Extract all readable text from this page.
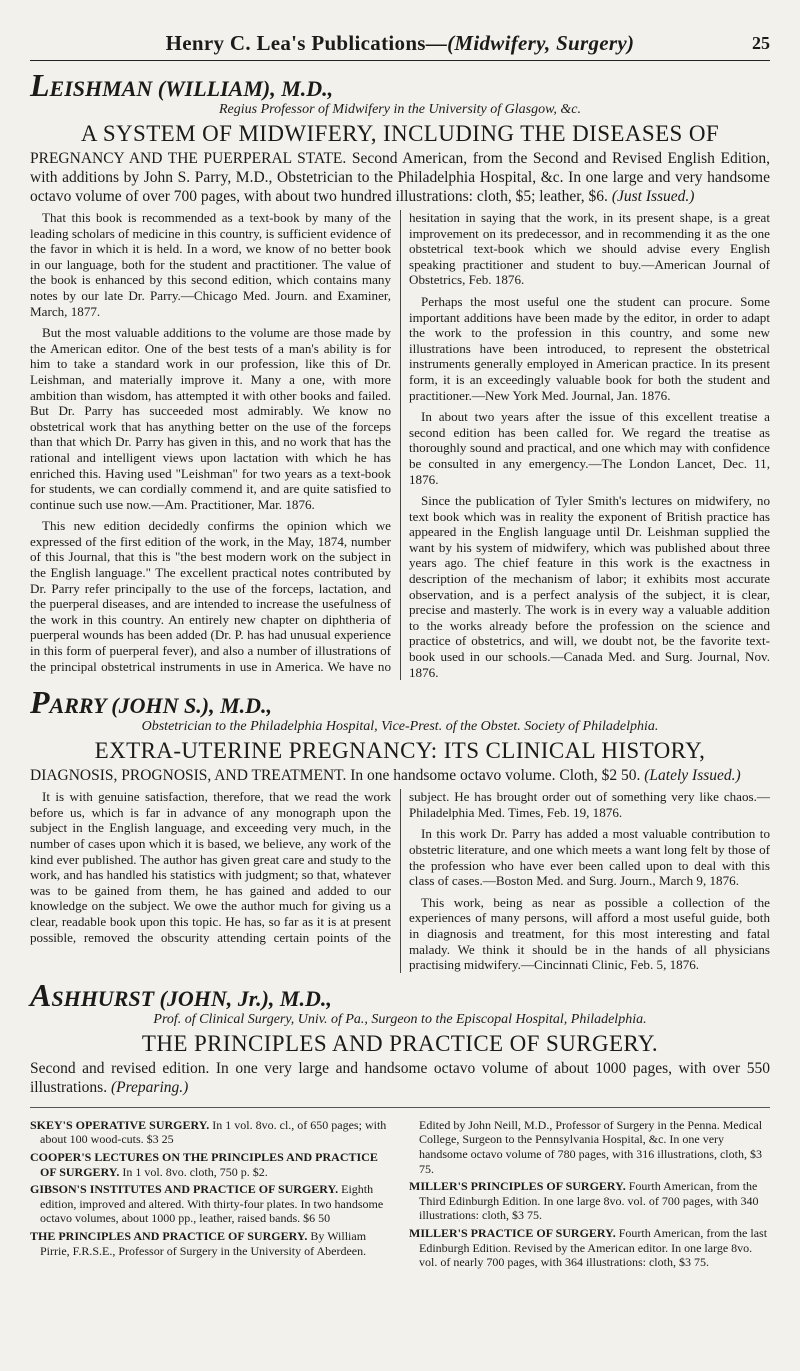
Henry C. Lea's Publications—(Midwifery, Surgery)	25

LEISHMAN (WILLIAM), M.D.,

Regius Professor of Midwifery in the University of Glasgow, &c.

A SYSTEM OF MIDWIFERY, INCLUDING THE DISEASES OF

PREGNANCY AND THE PUERPERAL STATE. Second American, from the Second and Revised English Edition, with additions by John S. Parry, M.D., Obstetrician to the Philadelphia Hospital, &c. In one large and very handsome octavo volume of over 700 pages, with about two hundred illustrations: cloth, $5; leather, $6. (Just Issued.)

That this book is recommended as a text-book by many of the leading scholars of medicine in this country, is sufficient evidence of the favor in which it is held. In a word, we know of no better book in our language, both for the student and practitioner. The value of the book is enhanced by this second edition, which contains many notes by our late Dr. Parry.—Chicago Med. Journ. and Examiner, March, 1877.

But the most valuable additions to the volume are those made by the American editor. One of the best tests of a man's ability is for him to take a standard work in our profession, like this of Dr. Leishman, and materially improve it. Many a one, with more ambition than wisdom, has attempted it with other books and failed. But Dr. Parry has succeeded most admirably. We know no obstetrical work that has anything better on the use of the forceps than that which Dr. Parry has given in this, and no work that has the rational and intelligent views upon lactation with which he has enriched this. Having used "Leishman" for two years as a text-book for students, we can cordially commend it, and are quite satisfied to continue such use now.—Am. Practitioner, Mar. 1876.

This new edition decidedly confirms the opinion which we expressed of the first edition of the work, in the May, 1874, number of this Journal, that this is "the best modern work on the subject in the English language." The excellent practical notes contributed by Dr. Parry refer principally to the use of the forceps, lactation, and the puerperal diseases, and are intended to increase the usefulness of the work in this country. An entirely new chapter on diphtheria of puerperal wounds has been added (Dr. P. has had unusual experience in this form of puerperal fever), and also a number of illustrations of the principal obstetrical instruments in use in America. We have no hesitation in saying that the work, in its present shape, is a great improvement on its predecessor, and in recommending it as the one obstetrical text-book which we should advise every English speaking practitioner and student to buy.—American Journal of Obstetrics, Feb. 1876.

Perhaps the most useful one the student can procure. Some important additions have been made by the editor, in order to adapt the work to the profession in this country, and some new illustrations have been introduced, to represent the obstetrical instruments generally employed in American practice. In its present form, it is an exceedingly valuable book for both the student and practitioner.—New York Med. Journal, Jan. 1876.

In about two years after the issue of this excellent treatise a second edition has been called for. We regard the treatise as thoroughly sound and practical, and one which may with confidence be consulted in any emergency.—The London Lancet, Dec. 11, 1876.

Since the publication of Tyler Smith's lectures on midwifery, no text book which was in reality the exponent of British practice has appeared in the English language until Dr. Leishman supplied the want by his system of midwifery, which was published about three years ago. The chief feature in this work is the exactness in description of the mechanism of labor; it exhibits most accurate observation, and is a perfect analysis of the subject, it is clear, precise and masterly. The work is in every way a valuable addition to the works already before the profession on the science and practice of obstetrics, and will, we doubt not, be the favorite text-book used in our schools.—Canada Med. and Surg. Journal, Nov. 1876.

PARRY (JOHN S.), M.D.,

Obstetrician to the Philadelphia Hospital, Vice-Prest. of the Obstet. Society of Philadelphia.

EXTRA-UTERINE PREGNANCY: ITS CLINICAL HISTORY,

DIAGNOSIS, PROGNOSIS, AND TREATMENT. In one handsome octavo volume. Cloth, $2 50. (Lately Issued.)

It is with genuine satisfaction, therefore, that we read the work before us, which is far in advance of any monograph upon the subject in the English language, and exceeding very much, in the number of cases upon which it is based, we believe, any work of the kind ever published. The author has given great care and study to the work, and has handled his statistics with judgment; so that, whatever was to be gained from them, he has gained and added to our knowledge on the subject. We owe the author much for giving us a clear, readable book upon this topic. He has, so far as it is at present possible, removed the obscurity attending certain points of the subject. He has brought order out of something very like chaos.—Philadelphia Med. Times, Feb. 19, 1876.

In this work Dr. Parry has added a most valuable contribution to obstetric literature, and one which meets a want long felt by those of the profession who have ever been called upon to deal with this class of cases.—Boston Med. and Surg. Journ., March 9, 1876.

This work, being as near as possible a collection of the experiences of many persons, will afford a most useful guide, both in diagnosis and treatment, for this most interesting and fatal malady. We think it should be in the hands of all physicians practising midwifery.—Cincinnati Clinic, Feb. 5, 1876.

ASHHURST (JOHN, Jr.), M.D.,

Prof. of Clinical Surgery, Univ. of Pa., Surgeon to the Episcopal Hospital, Philadelphia.

THE PRINCIPLES AND PRACTICE OF SURGERY.

Second and revised edition. In one very large and handsome octavo volume of about 1000 pages, with over 550 illustrations. (Preparing.)

SKEY'S OPERATIVE SURGERY. In 1 vol. 8vo. cl., of 650 pages; with about 100 wood-cuts. $3 25

COOPER'S LECTURES ON THE PRINCIPLES AND PRACTICE OF SURGERY. In 1 vol. 8vo. cloth, 750 p. $2.

GIBSON'S INSTITUTES AND PRACTICE OF SURGERY. Eighth edition, improved and altered. With thirty-four plates. In two handsome octavo volumes, about 1000 pp., leather, raised bands. $6 50

THE PRINCIPLES AND PRACTICE OF SURGERY. By William Pirrie, F.R.S.E., Professor of Surgery in the University of Aberdeen. Edited by John Neill, M.D., Professor of Surgery in the Penna. Medical College, Surgeon to the Pennsylvania Hospital, &c. In one very handsome octavo volume of 780 pages, with 316 illustrations, cloth, $3 75.

MILLER'S PRINCIPLES OF SURGERY. Fourth American, from the Third Edinburgh Edition. In one large 8vo. vol. of 700 pages, with 340 illustrations: cloth, $3 75.

MILLER'S PRACTICE OF SURGERY. Fourth American, from the last Edinburgh Edition. Revised by the American editor. In one large 8vo. vol. of nearly 700 pages, with 364 illustrations: cloth, $3 75.
